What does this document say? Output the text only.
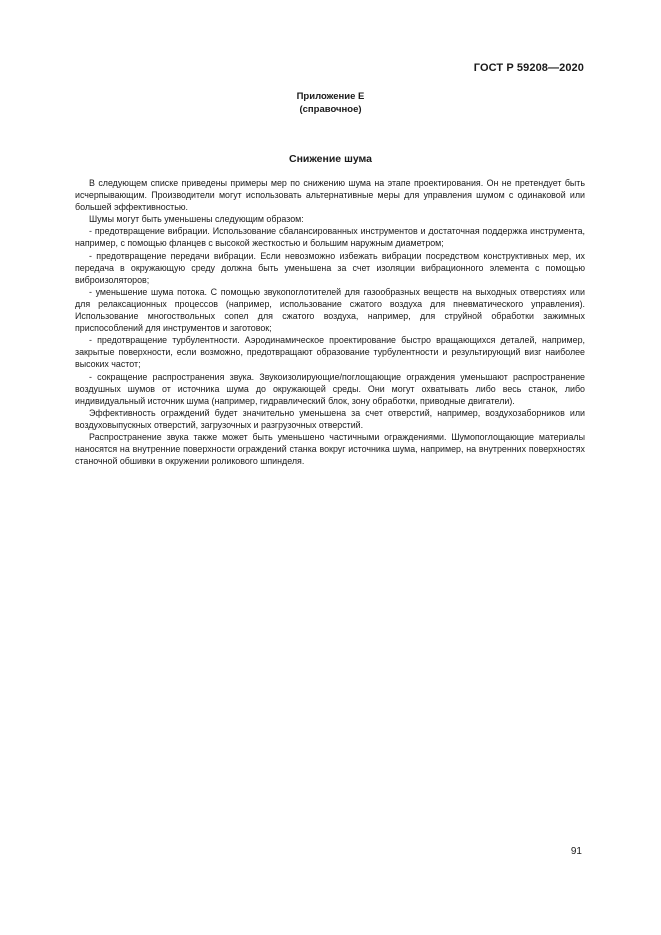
ГОСТ Р 59208—2020
Приложение Е
(справочное)
Снижение шума

В следующем списке приведены примеры мер по снижению шума на этапе проектирования. Он не претендует быть исчерпывающим. Производители могут использовать альтернативные меры для управления шумом с одинаковой или большей эффективностью.

Шумы могут быть уменьшены следующим образом:

- предотвращение вибрации. Использование сбалансированных инструментов и достаточная поддержка инструмента, например, с помощью фланцев с высокой жесткостью и большим наружным диаметром;

- предотвращение передачи вибрации. Если невозможно избежать вибрации посредством конструктивных мер, их передача в окружающую среду должна быть уменьшена за счет изоляции вибрационного элемента с помощью виброизоляторов;

- уменьшение шума потока. С помощью звукопоглотителей для газообразных веществ на выходных отверстиях или для релаксационных процессов (например, использование сжатого воздуха для пневматического управления). Использование многоствольных сопел для сжатого воздуха, например, для струйной обработки зажимных приспособлений для инструментов и заготовок;

- предотвращение турбулентности. Аэродинамическое проектирование быстро вращающихся деталей, например, закрытые поверхности, если возможно, предотвращают образование турбулентности и результирующий визг наиболее высоких частот;

- сокращение распространения звука. Звукоизолирующие/поглощающие ограждения уменьшают распространение воздушных шумов от источника шума до окружающей среды. Они могут охватывать либо весь станок, либо индивидуальный источник шума (например, гидравлический блок, зону обработки, приводные двигатели).

Эффективность ограждений будет значительно уменьшена за счет отверстий, например, воздухозаборников или воздуховыпускных отверстий, загрузочных и разгрузочных отверстий.

Распространение звука также может быть уменьшено частичными ограждениями. Шумопоглощающие материалы наносятся на внутренние поверхности ограждений станка вокруг источника шума, например, на внутренних поверхностях станочной обшивки в окружении роликового шпинделя.

91
